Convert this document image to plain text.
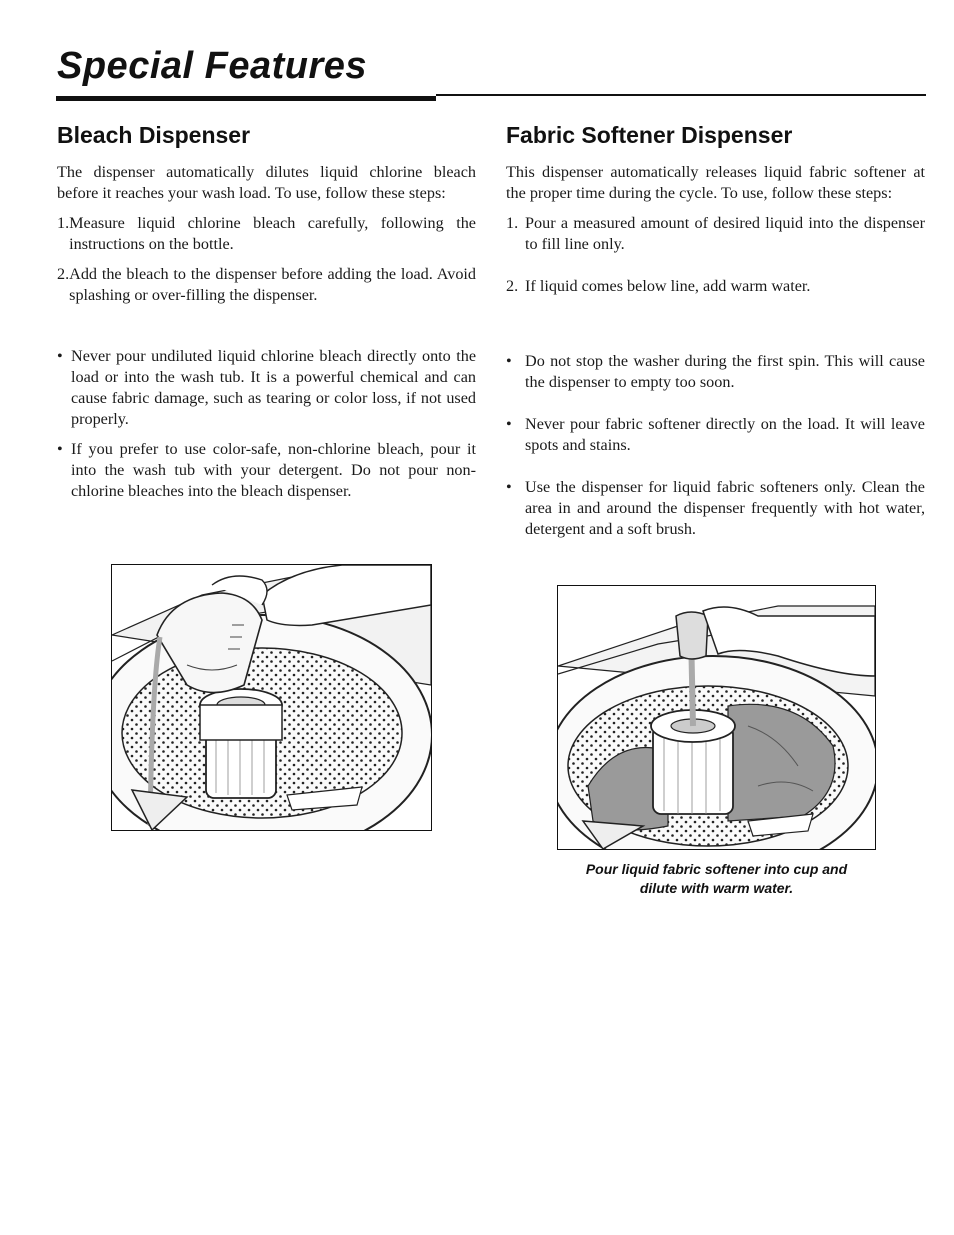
Special Features
Bleach Dispenser

The dispenser automatically dilutes liquid chlorine bleach before it reaches your wash load. To use, follow these steps:

1. Measure liquid chlorine bleach carefully, following the instructions on the bottle.
2. Add the bleach to the dispenser before adding the load. Avoid splashing or over-filling the dispenser.
• Never pour undiluted liquid chlorine bleach directly onto the load or into the wash tub. It is a powerful chemical and can cause fabric damage, such as tearing or color loss, if not used properly.
• If you prefer to use color-safe, non-chlorine bleach, pour it into the wash tub with your detergent. Do not pour non-chlorine bleaches into the bleach dispenser.
Fabric Softener Dispenser

This dispenser automatically releases liquid fabric softener at the proper time during the cycle. To use, follow these steps:

1. Pour a measured amount of desired liquid into the dispenser to fill line only.
2. If liquid comes below line, add warm water.
• Do not stop the washer during the first spin. This will cause the dispenser to empty too soon.
• Never pour fabric softener directly on the load. It will leave spots and stains.
• Use the dispenser for liquid fabric softeners only. Clean the area in and around the dispenser frequently with hot water, detergent and a soft brush.
Pour liquid fabric softener into cup and
dilute with warm water.
